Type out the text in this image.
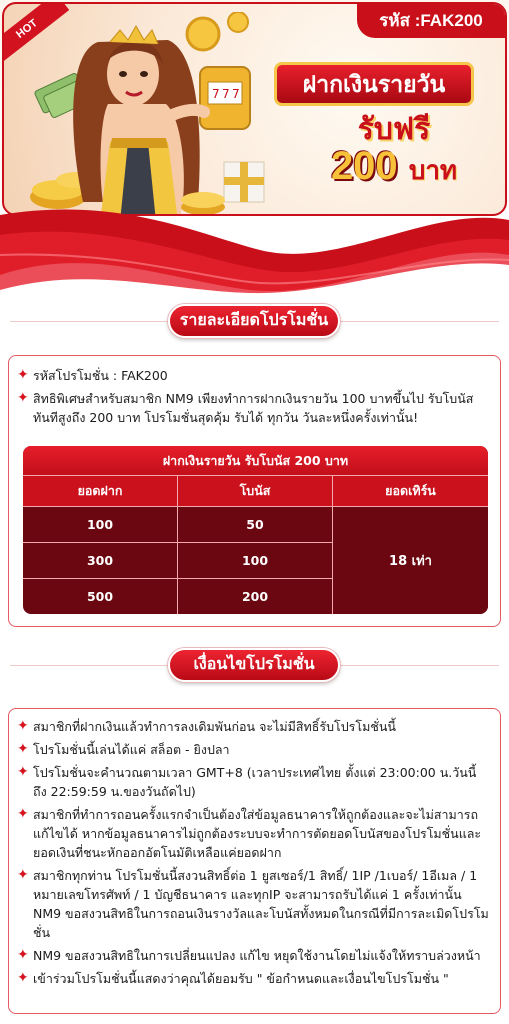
HOT	รหัส :FAK200
7 7 7	ฝากเงินรายวัน
รับฟรี
200 บาท
รายละเอียดโปรโมชั่น
✦ รหัสโปรโมชั่น : FAK200
✦ สิทธิพิเศษสำหรับสมาชิก NM9 เพียงทำการฝากเงินรายวัน 100 บาทขึ้นไป รับโบนัสทันทีสูงถึง 200 บาท โปรโมชั่นสุดคุ้ม รับได้ ทุกวัน วันละหนึ่งครั้งเท่านั้น!
ฝากเงินรายวัน รับโบนัส 200 บาท
ยอดฝาก	โบนัส	ยอดเทิร์น
100	50
300	100
500	200
18 เท่า
เงื่อนไขโปรโมชั่น
✦ สมาชิกที่ฝากเงินแล้วทำการลงเดิมพันก่อน จะไม่มีสิทธิ์รับโปรโมชั่นนี้
✦ โปรโมชั่นนี้เล่นได้แค่ สล็อต - ยิงปลา
✦ โปรโมชั่นจะคำนวณตามเวลา GMT+8 (เวลาประเทศไทย ตั้งแต่ 23:00:00 น.วันนี้ ถึง 22:59:59 น.ของวันถัดไป)
✦ สมาชิกที่ทำการถอนครั้งแรกจำเป็นต้องใส่ข้อมูลธนาคารให้ถูกต้องและจะไม่สามารถแก้ไขได้ หากข้อมูลธนาคารไม่ถูกต้องระบบจะทำการตัดยอดโบนัสของโปรโมชั่นและยอดเงินที่ชนะหักออกอัตโนมัติเหลือแค่ยอดฝาก
✦ สมาชิกทุกท่าน โปรโมชั่นนี้สงวนสิทธิ์ต่อ 1 ยูสเซอร์/1 สิทธิ์/ 1IP /1เบอร์/ 1อีเมล / 1 หมายเลขโทรศัพท์ / 1 บัญชีธนาคาร และทุกIP จะสามารถรับได้แค่ 1 ครั้งเท่านั้น NM9 ขอสงวนสิทธิในการถอนเงินรางวัลและโบนัสทั้งหมดในกรณีที่มีการละเมิดโปรโมชั่น
✦ NM9 ขอสงวนสิทธิในการเปลี่ยนแปลง แก้ไข หยุดใช้งานโดยไม่แจ้งให้ทราบล่วงหน้า
✦ เข้าร่วมโปรโมชั่นนี้แสดงว่าคุณได้ยอมรับ " ข้อกำหนดและเงื่อนไขโปรโมชั่น "
